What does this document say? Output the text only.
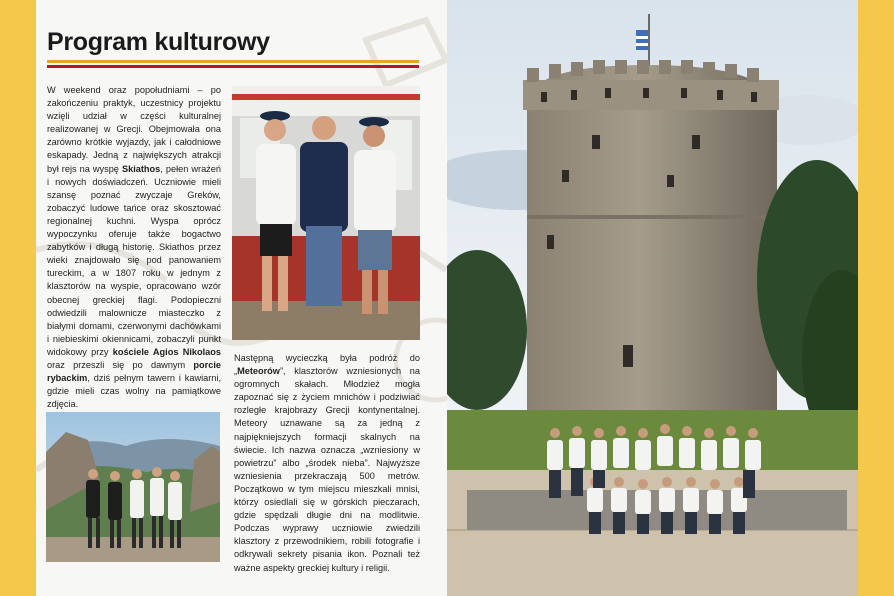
Program kulturowy

W weekend oraz popołudniami – po zakończeniu praktyk, uczestnicy projektu wzięli udział w części kulturalnej realizowanej w Grecji. Obejmowała ona zarówno krótkie wyjazdy, jak i całodniowe eskapady. Jedną z największych atrakcji był rejs na wyspę Skiathos, pełen wrażeń i nowych doświadczeń. Uczniowie mieli szansę poznać zwyczaje Greków, zobaczyć ludowe tańce oraz skosztować regionalnej kuchni. Wyspa oprócz wypoczynku oferuje także bogactwo zabytków i długą historię. Skiathos przez wieki znajdowało się pod panowaniem tureckim, a w 1807 roku w jednym z klasztorów na wyspie, opracowano wzór obecnej greckiej flagi. Podopieczni odwiedzili malownicze miasteczko z białymi domami, czerwonymi dachówkami i niebieskimi okiennicami, zobaczyli punkt widokowy przy kościele Agios Nikolaos oraz przeszli się po dawnym porcie rybackim, dziś pełnym tawern i kawiarni, gdzie mieli czas wolny na pamiątkowe zdjęcia.

Następną wycieczką była podróż do „Meteorów”, klasztorów wzniesionych na ogromnych skałach. Młodzież mogła zapoznać się z życiem mnichów i podziwiać rozległe krajobrazy Grecji kontynentalnej. Meteory uznawane są za jedną z najpiękniejszych formacji skalnych na świecie. Ich nazwa oznacza „wzniesiony w powietrzu” albo „środek nieba”. Najwyższe wzniesienia przekraczają 500 metrów. Początkowo w tym miejscu mieszkali mnisi, którzy osiedlali się w górskich pieczarach, gdzie spędzali długie dni na modlitwie. Podczas wyprawy uczniowie zwiedzili klasztory z przewodnikiem, robili fotografie i odkrywali sekrety pisania ikon. Poznali też ważne aspekty greckiej kultury i religii.
